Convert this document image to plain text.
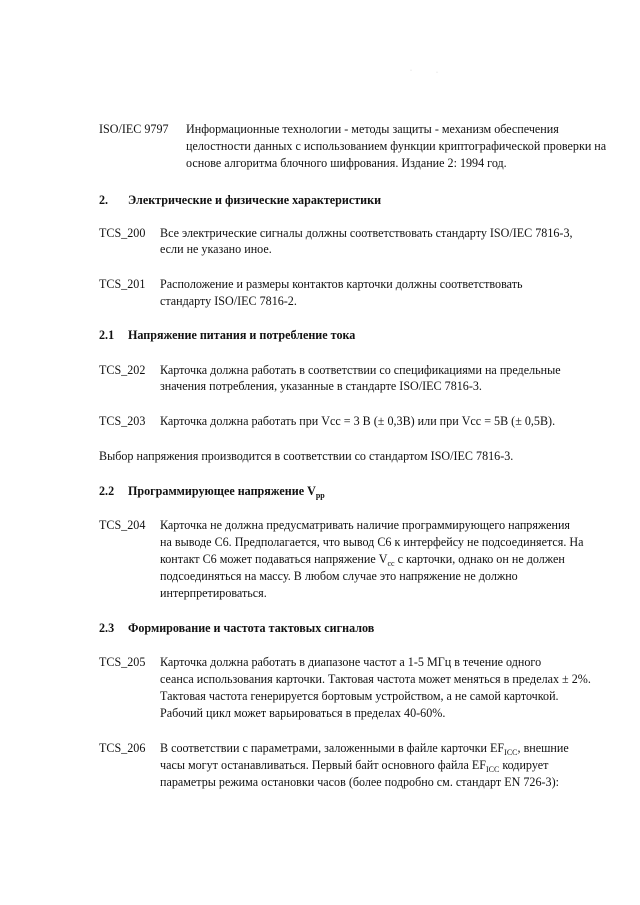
·	·
ISO/IEC 9797 Информационные технологии - методы защиты - механизм обеспечения
целостности данных с использованием функции криптографической проверки на
основе алгоритма блочного шифрования. Издание 2: 1994 год.
2. Электрические и физические характеристики
TCS_200 Все электрические сигналы должны соответствовать стандарту ISO/IEC 7816-3,
если не указано иное.
TCS_201 Расположение и размеры контактов карточки должны соответствовать
стандарту ISO/IEC 7816-2.
2.1 Напряжение питания и потребление тока
TCS_202 Карточка должна работать в соответствии со спецификациями на предельные
значения потребления, указанные в стандарте ISO/IEC 7816-3.
TCS_203 Карточка должна работать при Vcc = 3 В (± 0,3В) или при Vcc = 5В (± 0,5В).
Выбор напряжения производится в соответствии со стандартом ISO/IEC 7816-3.
2.2 Программирующее напряжение $V_{pp}$
TCS_204 Карточка не должна предусматривать наличие программирующего напряжения
на выводе С6. Предполагается, что вывод С6 к интерфейсу не подсоединяется. На
контакт С6 может подаваться напряжение $V_{cc}$ с карточки, однако он не должен
подсоединяться на массу. В любом случае это напряжение не должно
интерпретироваться.
2.3 Формирование и частота тактовых сигналов
TCS_205 Карточка должна работать в диапазоне частот а 1-5 МГц в течение одного
сеанса использования карточки. Тактовая частота может меняться в пределах ± 2%.
Тактовая частота генерируется бортовым устройством, а не самой карточкой.
Рабочий цикл может варьироваться в пределах 40-60%.
TCS_206 В соответствии с параметрами, заложенными в файле карточки $EF_{ICC}$, внешние
часы могут останавливаться. Первый байт основного файла $EF_{ICC}$ кодирует
параметры режима остановки часов (более подробно см. стандарт EN 726-3):
